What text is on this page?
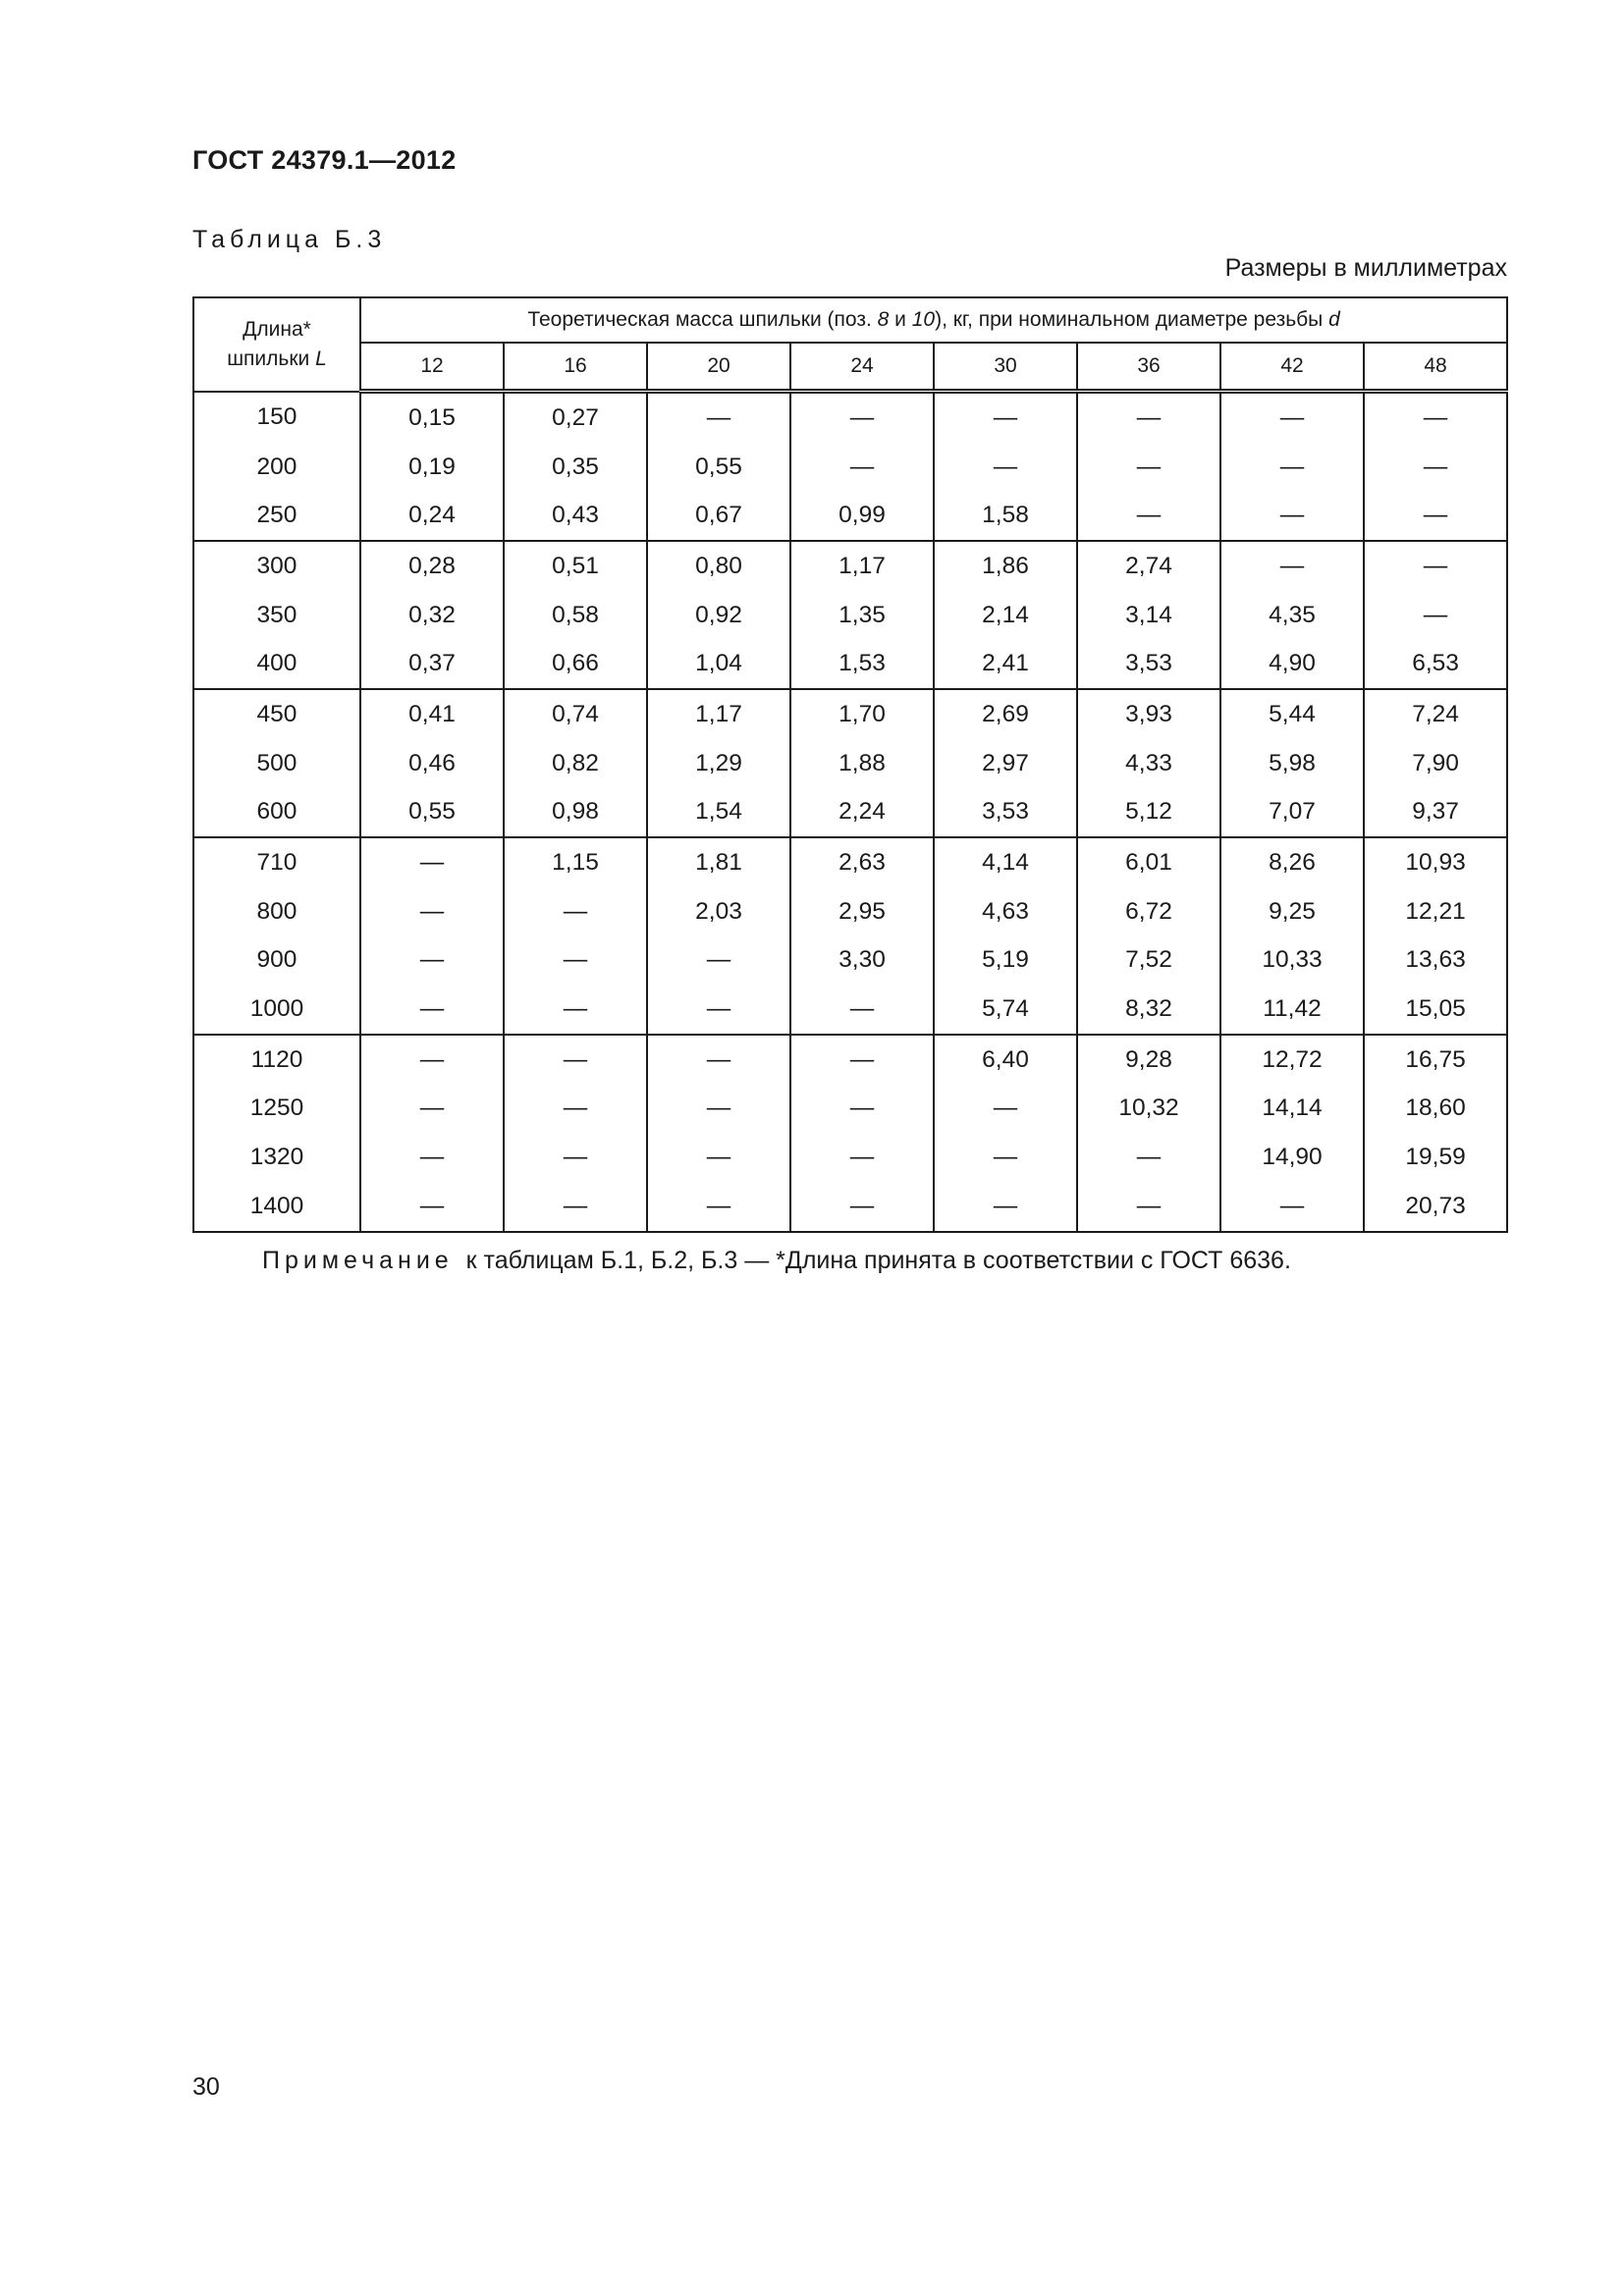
ГОСТ 24379.1—2012
Таблица Б.3
Размеры в миллиметрах
Длина*
шпильки L	Теоретическая масса шпильки (поз. 8 и 10), кг, при номинальном диаметре резьбы d							
	12	16	20	24	30	36	42	48
150	0,15	0,27	—	—	—	—	—	—
200	0,19	0,35	0,55	—	—	—	—	—
250	0,24	0,43	0,67	0,99	1,58	—	—	—
300	0,28	0,51	0,80	1,17	1,86	2,74	—	—
350	0,32	0,58	0,92	1,35	2,14	3,14	4,35	—
400	0,37	0,66	1,04	1,53	2,41	3,53	4,90	6,53
450	0,41	0,74	1,17	1,70	2,69	3,93	5,44	7,24
500	0,46	0,82	1,29	1,88	2,97	4,33	5,98	7,90
600	0,55	0,98	1,54	2,24	3,53	5,12	7,07	9,37
710	—	1,15	1,81	2,63	4,14	6,01	8,26	10,93
800	—	—	2,03	2,95	4,63	6,72	9,25	12,21
900	—	—	—	3,30	5,19	7,52	10,33	13,63
1000	—	—	—	—	5,74	8,32	11,42	15,05
1120	—	—	—	—	6,40	9,28	12,72	16,75
1250	—	—	—	—	—	10,32	14,14	18,60
1320	—	—	—	—	—	—	14,90	19,59
1400	—	—	—	—	—	—	—	20,73
Примечание к таблицам Б.1, Б.2, Б.3 — *Длина принята в соответствии с ГОСТ 6636.
30
